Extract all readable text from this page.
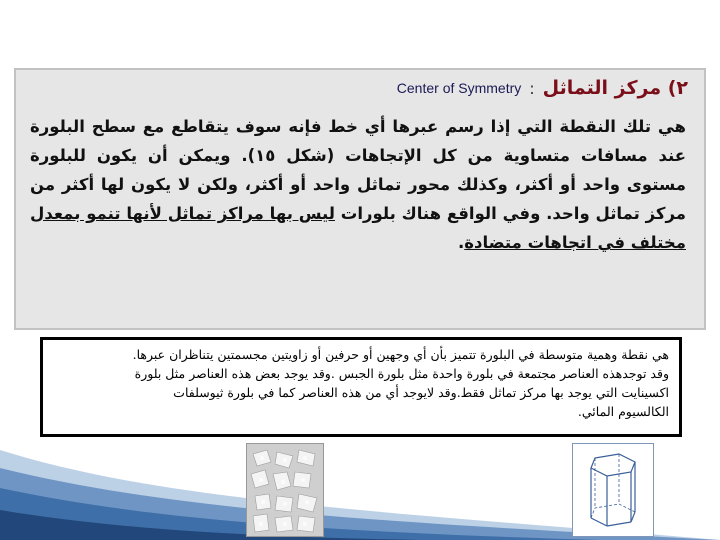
٢) مركز التماثل
:
Center of Symmetry
هي تلك النقطة التي إذا رسم عبرها أي خط فإنه سوف يتقاطع مع سطح البلورة عند مسافات متساوية من كل الإتجاهات (شكل ١٥). ويمكن أن يكون للبلورة مستوى واحد أو أكثر، وكذلك محور تماثل واحد أو أكثر، ولكن لا يكون لها أكثر من مركز تماثل واحد. وفي الواقع هناك بلورات ليس بها مراكز تماثل لأنها تنمو بمعدل مختلف في اتجاهات متضادة.
هي نقطة وهمية متوسطة في البلورة تتميز بأن أي وجهين أو حرفين أو زاويتين مجسمتين يتناظران عبرها.
وقد توجدهذه العناصر مجتمعة في بلورة واحدة مثل بلورة الجبس .وقد يوجد بعض هذه العناصر مثل بلورة
اكسينايت التي يوجد بها مركز تماثل فقط.وقد لايوجد أي من هذه العناصر كما في بلورة ثيوسلفات
الكالسيوم المائي.
